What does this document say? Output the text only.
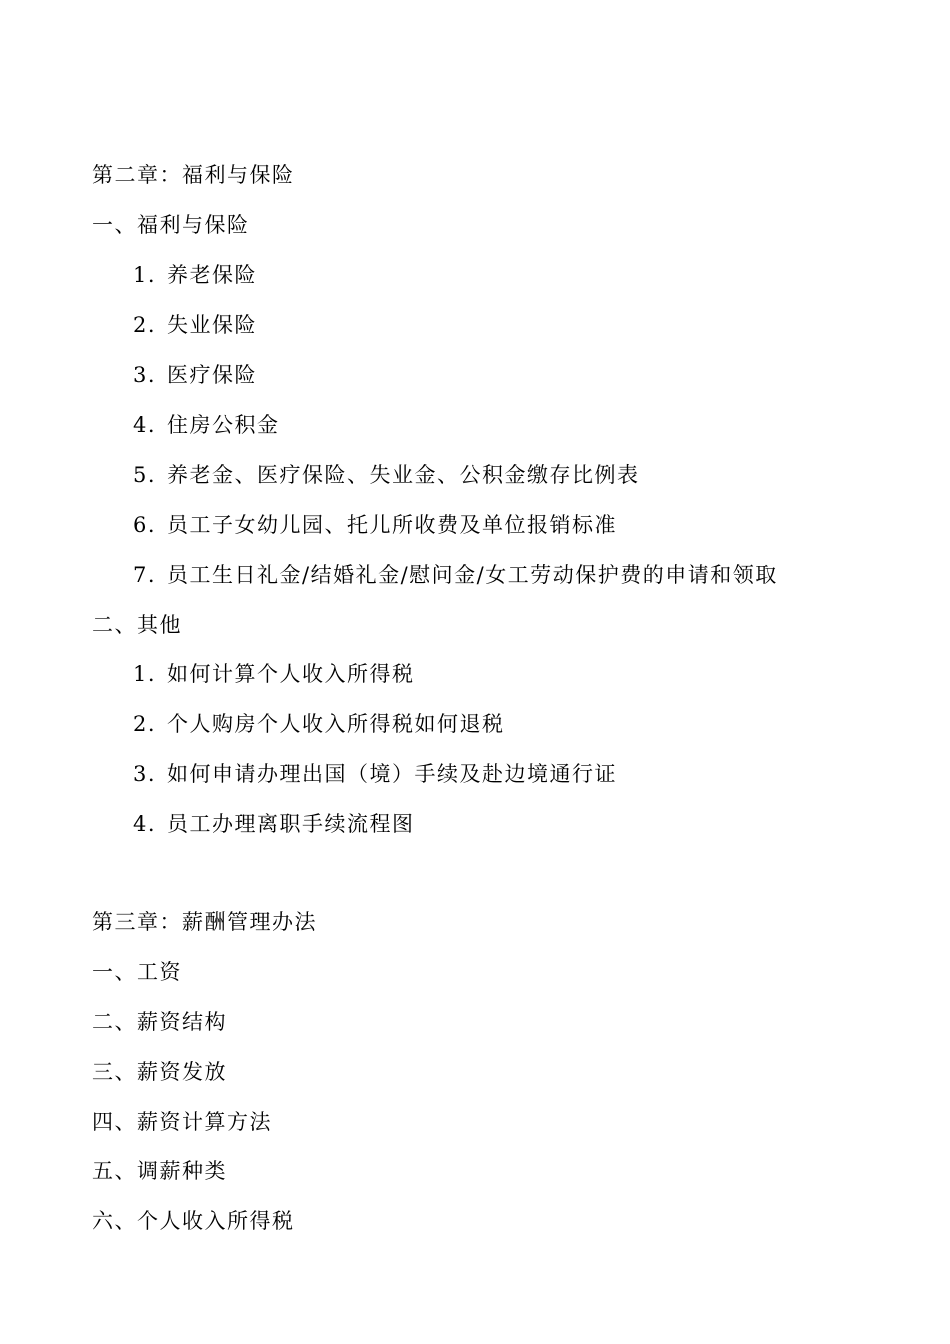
第二章：福利与保险
一、福利与保险
1. 养老保险
2. 失业保险
3. 医疗保险
4. 住房公积金
5. 养老金、医疗保险、失业金、公积金缴存比例表
6. 员工子女幼儿园、托儿所收费及单位报销标准
7. 员工生日礼金/结婚礼金/慰问金/女工劳动保护费的申请和领取
二、其他
1. 如何计算个人收入所得税
2. 个人购房个人收入所得税如何退税
3. 如何申请办理出国（境）手续及赴边境通行证
4. 员工办理离职手续流程图
第三章：薪酬管理办法
一、工资
二、薪资结构
三、薪资发放
四、薪资计算方法
五、调薪种类
六、个人收入所得税
